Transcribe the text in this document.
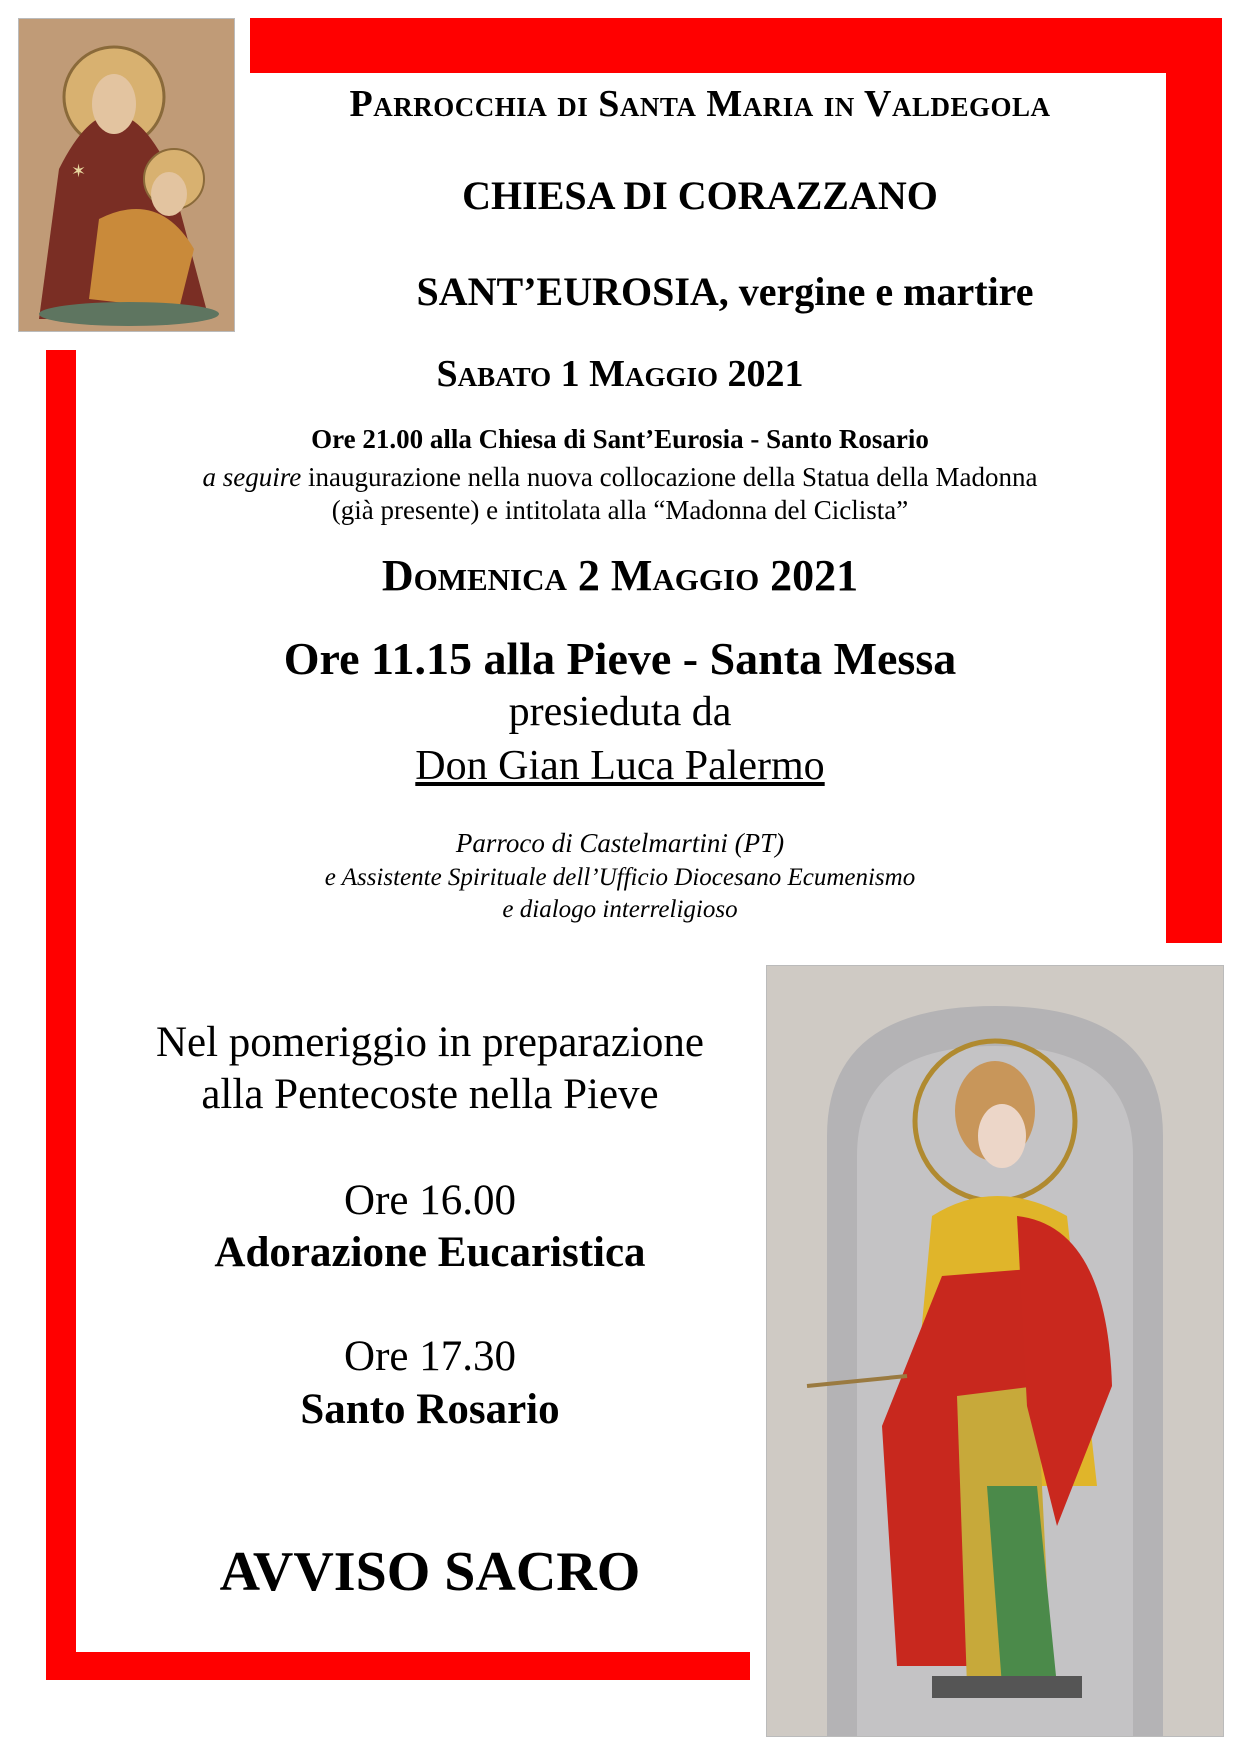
✶
Parrocchia di Santa Maria in Valdegola
CHIESA DI CORAZZANO
SANT’EUROSIA, vergine e martire
Sabato 1 Maggio 2021
Ore 21.00 alla Chiesa di Sant’Eurosia - Santo Rosario
a seguire inaugurazione nella nuova collocazione della Statua della Madonna
(già presente) e intitolata alla “Madonna del Ciclista”
Domenica 2 Maggio 2021
Ore 11.15 alla Pieve - Santa Messa
presieduta da
Don Gian Luca Palermo
Parroco di Castelmartini (PT)
e Assistente Spirituale dell’Ufficio Diocesano Ecumenismo
e dialogo interreligioso
Nel pomeriggio in preparazione
alla Pentecoste nella Pieve
Ore 16.00
Adorazione Eucaristica
Ore 17.30
Santo Rosario
AVVISO SACRO
